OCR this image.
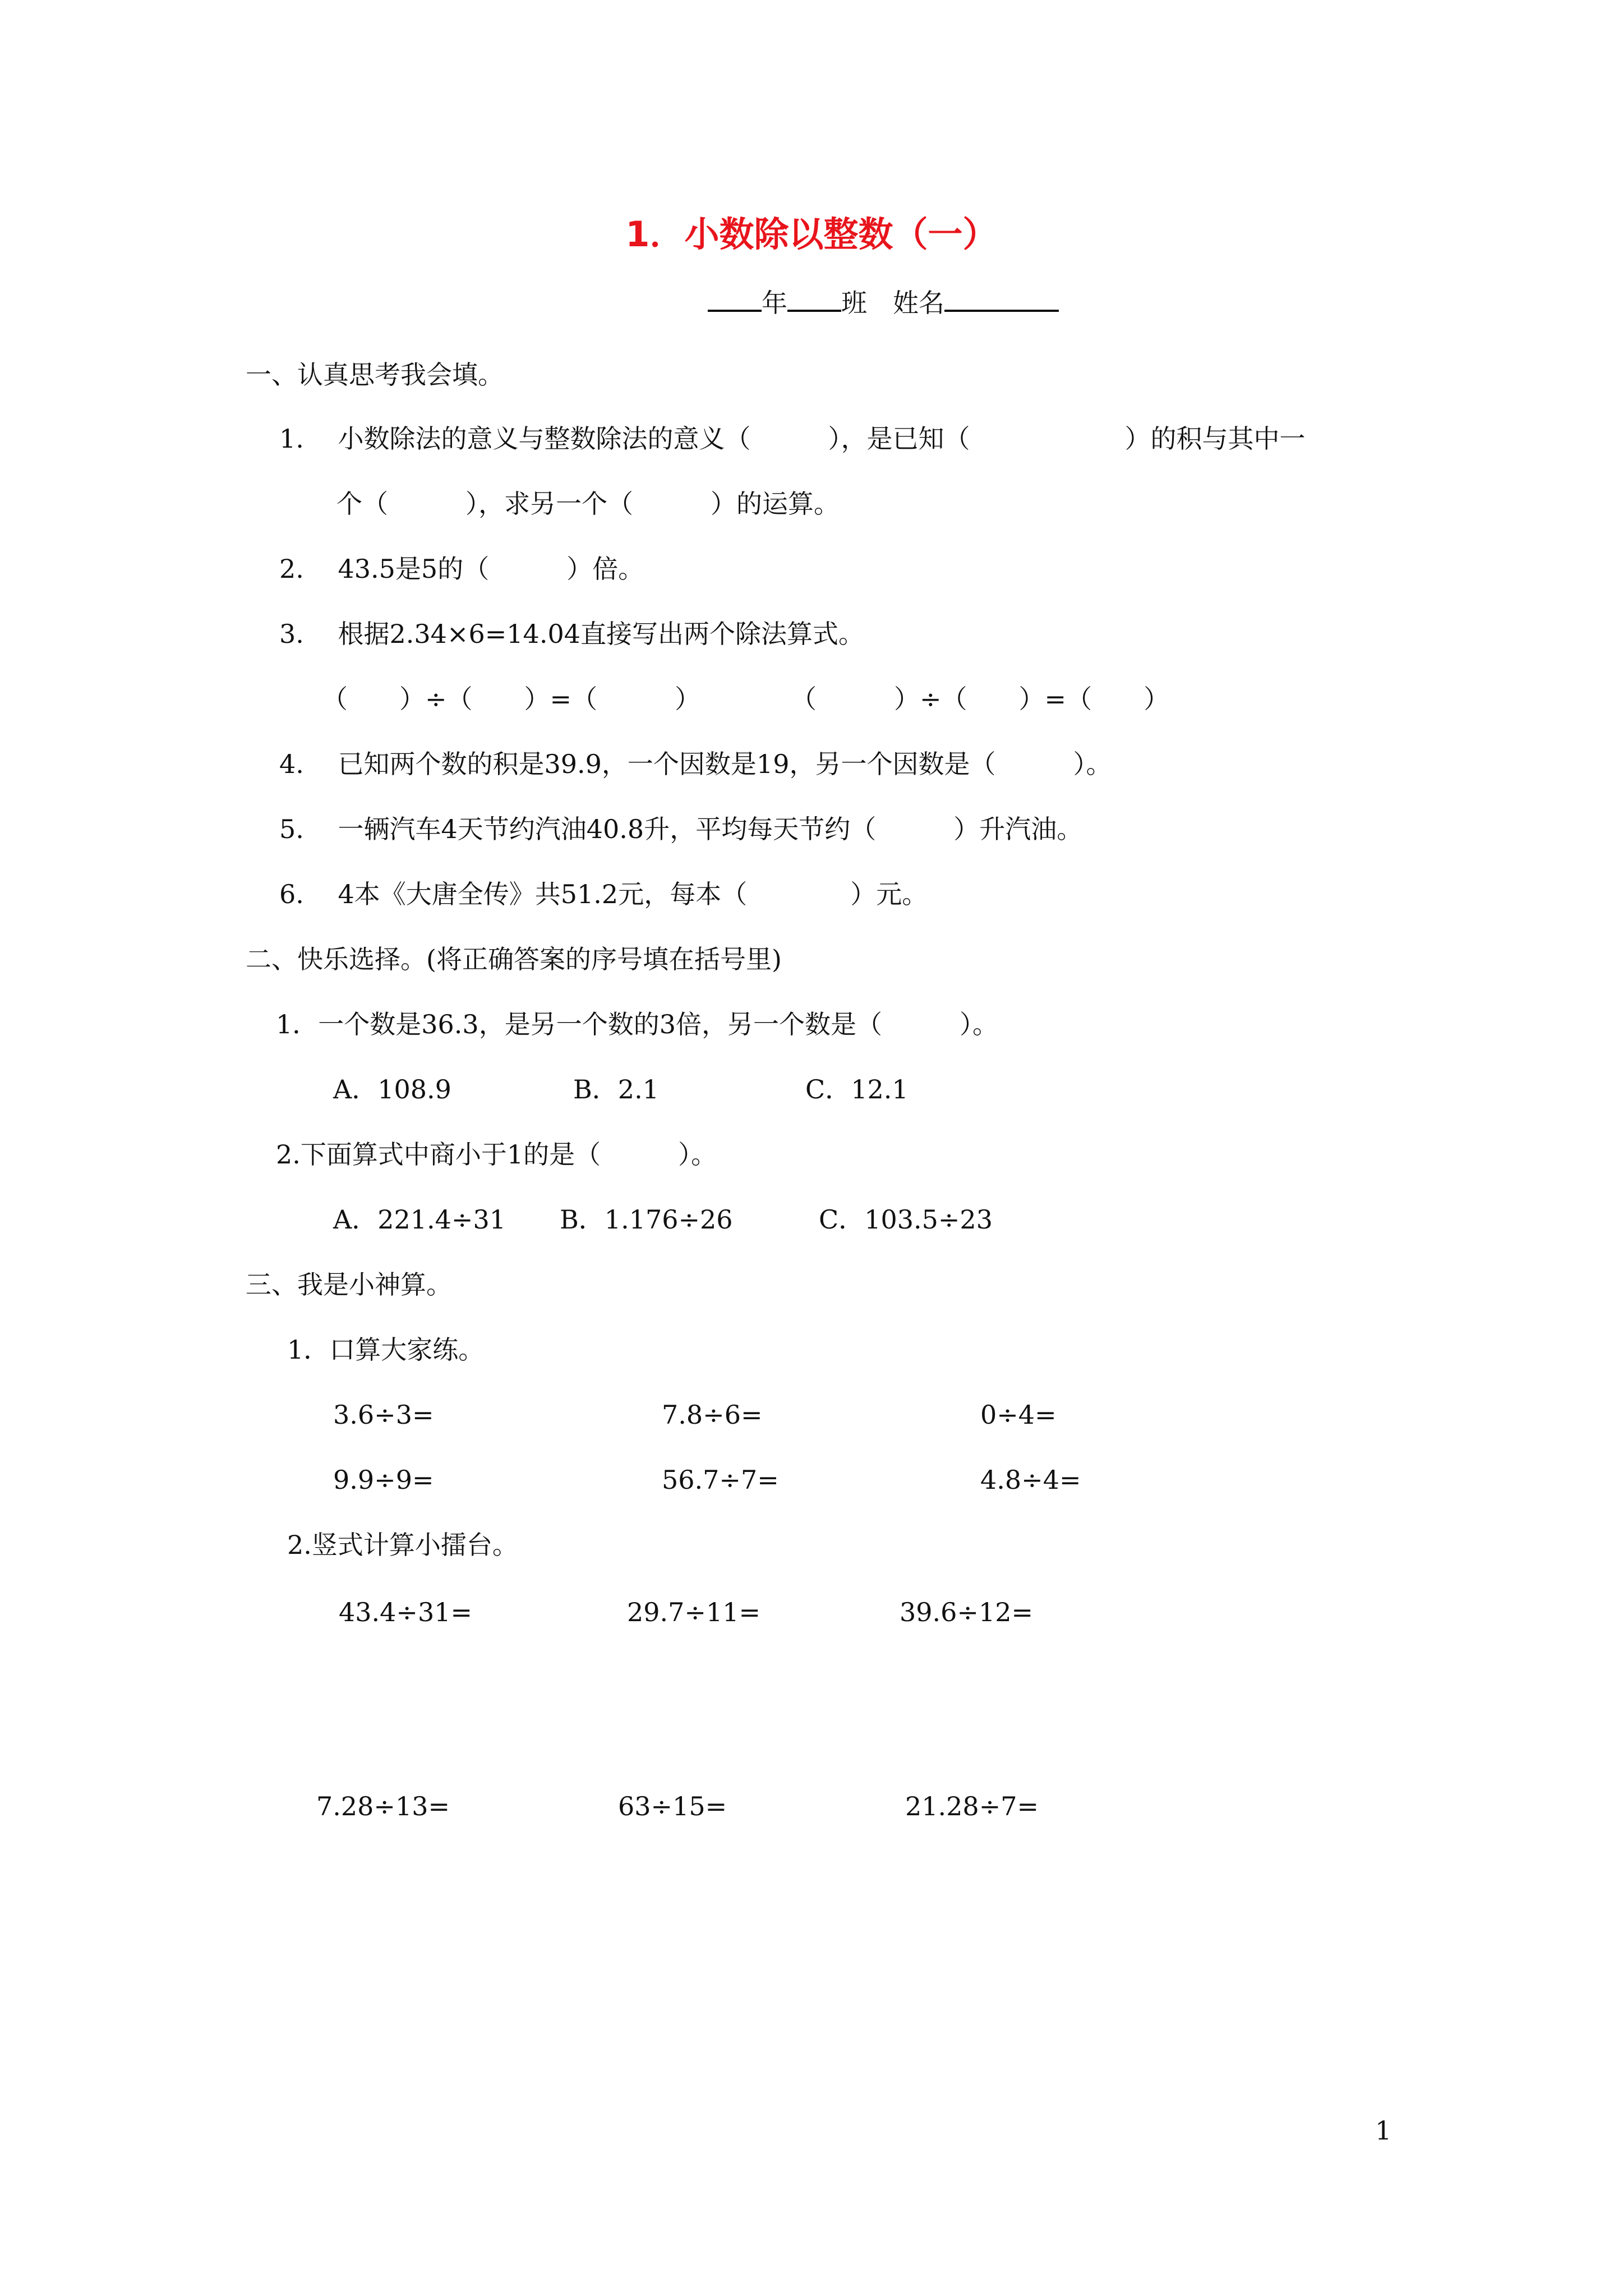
1．小数除以整数（一）
年 班　 姓名
一、认真思考我会填。
1.　 小数除法的意义与整数除法的意义（　　　），是已知（　　　　　　）的积与其中一
个（　　　），求另一个（　　　）的运算。
2.　 43.5是5的（　　　）倍。
3.　 根据2.34×6=14.04直接写出两个除法算式。
（　　）÷（　　）=（　　　）	（　　　）÷（　　）=（　　）
4.　 已知两个数的积是39.9，一个因数是19，另一个因数是（　　　）。
5.　 一辆汽车4天节约汽油40.8升，平均每天节约（　　　）升汽油。
6.　 4本《大唐全传》共51.2元，每本（　　　　）元。
二、快乐选择。(将正确答案的序号填在括号里)
1．一个数是36.3，是另一个数的3倍，另一个数是（　　　）。
A．108.9	B．2.1	C．12.1
2.下面算式中商小于1的是（　　　）。
A．221.4÷31 B．1.176÷26	C．103.5÷23
三、我是小神算。
1．口算大家练。
3.6÷3=	7.8÷6=	0÷4=
9.9÷9=	56.7÷7=	4.8÷4=
2.竖式计算小擂台。
43.4÷31=	29.7÷11=	39.6÷12=
7.28÷13=	63÷15=	21.28÷7=
1
